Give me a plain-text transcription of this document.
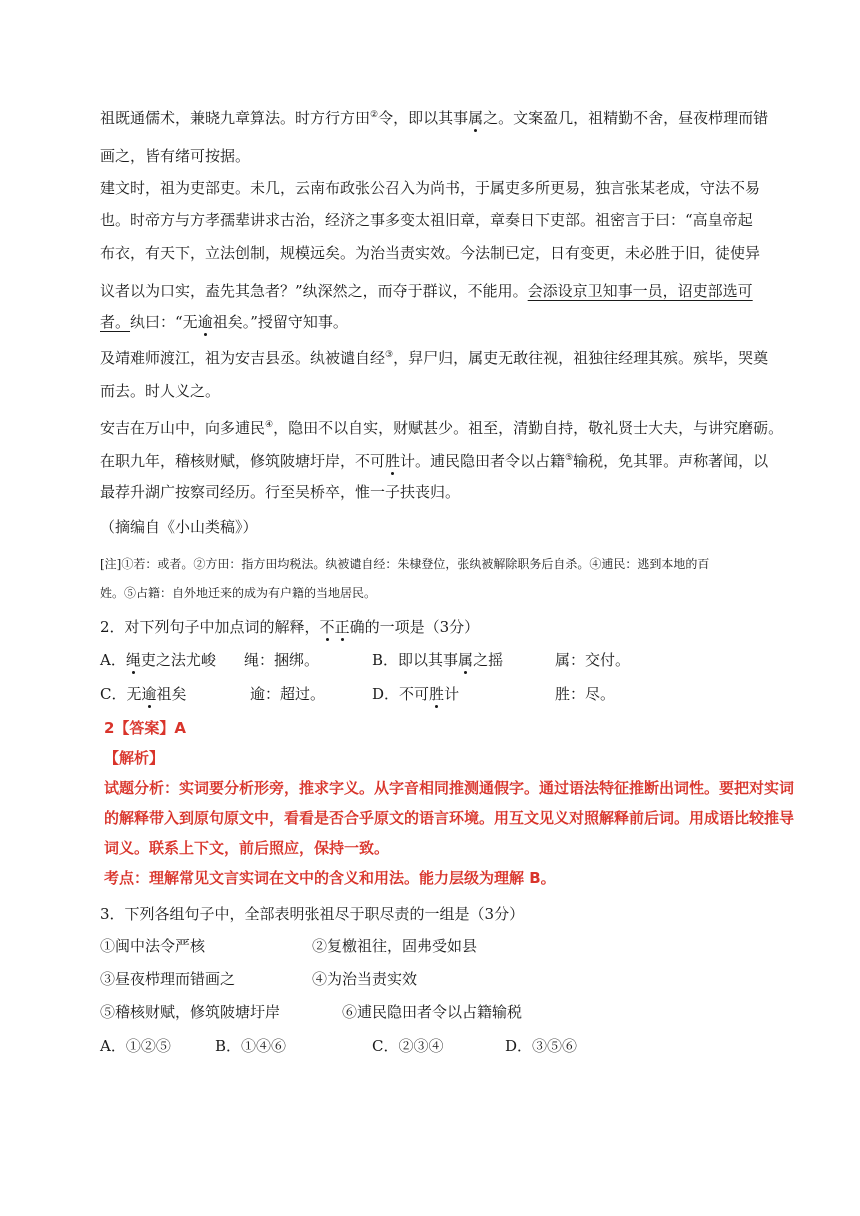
祖既通儒术，兼晓九章算法。时方行方田②令，即以其事属之。文案盈几，祖精勤不舍，昼夜栉理而错
画之，皆有绪可按据。
建文时，祖为吏部吏。未几，云南布政张公召入为尚书，于属吏多所更易，独言张某老成，守法不易
也。时帝方与方孝孺辈讲求古治，经济之事多变太祖旧章，章奏日下吏部。祖密言于曰：“高皇帝起
布衣，有天下，立法创制，规模远矣。为治当责实效。今法制已定，日有变更，未必胜于旧，徒使异
议者以为口实，盍先其急者？”纨深然之，而夺于群议，不能用。会添设京卫知事一员，诏吏部选可
者。纨曰：“无逾祖矣。”授留守知事。
及靖难师渡江，祖为安吉县丞。纨被谴自经③，舁尸归，属吏无敢往视，祖独往经理其殡。殡毕，哭奠
而去。时人义之。
安吉在万山中，向多逋民④，隐田不以自实，财赋甚少。祖至，清勤自持，敬礼贤士大夫，与讲究磨砺。
在职九年，稽核财赋，修筑陂塘圩岸，不可胜计。逋民隐田者令以占籍⑤输税，免其罪。声称著闻，以
最荐升湖广按察司经历。行至吴桥卒，惟一子扶丧归。
（摘编自《小山类稿》）
[注]①若：或者。②方田：指方田均税法。纨被谴自经：朱棣登位，张纨被解除职务后自杀。④逋民：逃到本地的百
姓。⑤占籍：自外地迁来的成为有户籍的当地居民。
2．对下列句子中加点词的解释，不正确的一项是（3分）
A．绳吏之法尤峻 绳：捆绑。	B．即以其事属之摇	属：交付。
C．无逾祖矣	逾：超过。	D．不可胜计	胜：尽。
2【答案】A
【解析】
试题分析：实词要分析形旁，推求字义。从字音相同推测通假字。通过语法特征推断出词性。要把对实词
的解释带入到原句原文中，看看是否合乎原文的语言环境。用互文见义对照解释前后词。用成语比较推导
词义。联系上下文，前后照应，保持一致。
考点：理解常见文言实词在文中的含义和用法。能力层级为理解 B。
3．下列各组句子中，全部表明张祖尽于职尽责的一组是（3分）
①闽中法令严核	②复檄祖往，固弗受如县
③昼夜栉理而错画之	④为治当责实效
⑤稽核财赋，修筑陂塘圩岸	⑥逋民隐田者令以占籍输税
A．①②⑤	B．①④⑥	C．②③④	D．③⑤⑥
